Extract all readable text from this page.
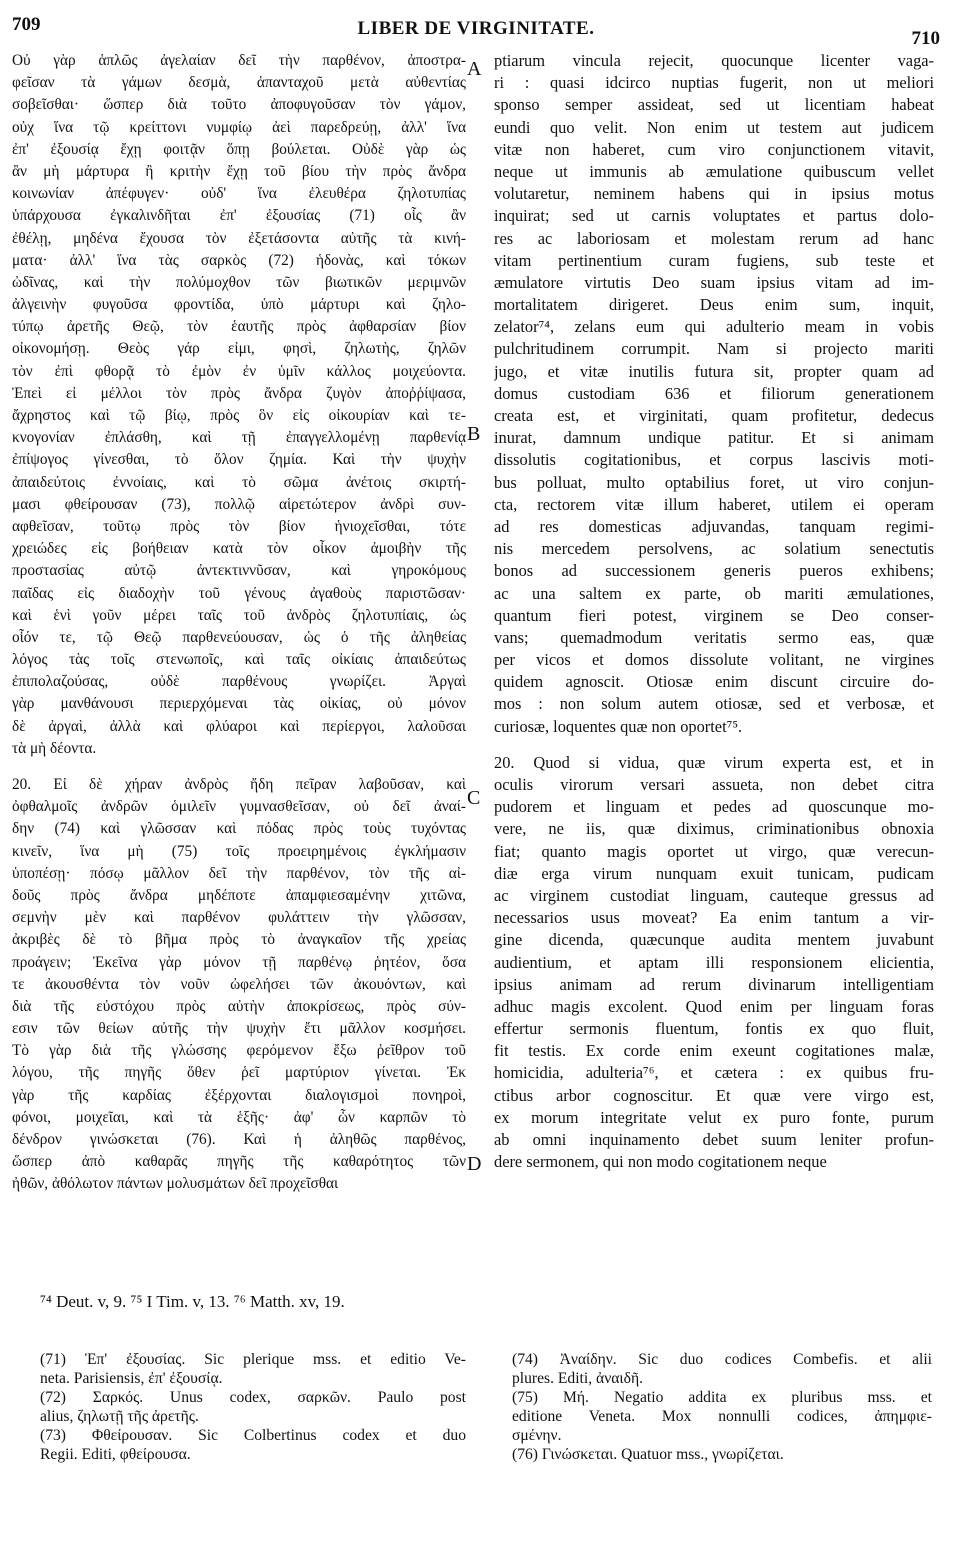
709	LIBER DE VIRGINITATE.	710
Οὐ γὰρ ἁπλῶς ἀγελαίαν δεῖ τὴν παρθένον, ἀποστρα-
φεῖσαν τὰ γάμων δεσμὰ, ἁπανταχοῦ μετὰ αὐθεντίας
σοβεῖσθαι· ὥσπερ διὰ τοῦτο ἀποφυγοῦσαν τὸν γάμον,
οὐχ ἵνα τῷ κρείττονι νυμφίῳ ἀεὶ παρεδρεύῃ, ἀλλ' ἵνα
ἐπ' ἐξουσίᾳ ἔχῃ φοιτᾷν ὅπῃ βούλεται. Οὐδὲ γὰρ ὡς
ἂν μὴ μάρτυρα ἢ κριτὴν ἔχῃ τοῦ βίου τὴν πρὸς ἄνδρα
κοινωνίαν ἀπέφυγεν· οὐδ' ἵνα ἐλευθέρα ζηλοτυπίας
ὑπάρχουσα ἐγκαλινδῆται ἐπ' ἐξουσίας (71) οἷς ἂν
ἐθέλῃ, μηδένα ἔχουσα τὸν ἐξετάσοντα αὐτῆς τὰ κινή-
ματα· ἀλλ' ἵνα τὰς σαρκὸς (72) ἡδονὰς, καὶ τόκων
ὠδῖνας, καὶ τὴν πολύμοχθον τῶν βιωτικῶν μεριμνῶν
ἀλγεινὴν φυγοῦσα φροντίδα, ὑπὸ μάρτυρι καὶ ζηλο-
τύπῳ ἀρετῆς Θεῷ, τὸν ἑαυτῆς πρὸς ἀφθαρσίαν βίον
οἰκονομήσῃ. Θεὸς γάρ εἰμι, φησὶ, ζηλωτὴς, ζηλῶν
τὸν ἐπὶ φθορᾷ τὸ ἐμὸν ἐν ὑμῖν κάλλος μοιχεύοντα.
Ἐπεὶ εἰ μέλλοι τὸν πρὸς ἄνδρα ζυγὸν ἀποῤῥίψασα,
ἄχρηστος καὶ τῷ βίῳ, πρὸς ὃν εἰς οἰκουρίαν καὶ τε-
κνογονίαν ἐπλάσθη, καὶ τῇ ἐπαγγελλομένῃ παρθενίᾳ
ἐπίψογος γίνεσθαι, τὸ ὅλον ζημία. Καὶ τὴν ψυχὴν
ἀπαιδεύτοις ἐννοίαις, καὶ τὸ σῶμα ἀνέτοις σκιρτή-
μασι φθείρουσαν (73), πολλῷ αἱρετώτερον ἀνδρὶ συν-
αφθεῖσαν, τοῦτῳ πρὸς τὸν βίον ἡνιοχεῖσθαι, τότε
χρειώδες εἰς βοήθειαν κατὰ τὸν οἶκον ἀμοιβὴν τῆς
προστασίας αὐτῷ ἀντεκτιννῦσαν, καὶ γηροκόμους
παῖδας εἰς διαδοχὴν τοῦ γένους ἀγαθοὺς παριστῶσαν·
καὶ ἑνὶ γοῦν μέρει ταῖς τοῦ ἀνδρὸς ζηλοτυπίαις, ὡς
οἷόν τε, τῷ Θεῷ παρθενεύουσαν, ὡς ὁ τῆς ἀληθείας
λόγος τὰς τοῖς στενωποῖς, καὶ ταῖς οἰκίαις ἀπαιδεύτως
ἐπιπολαζούσας, οὐδὲ παρθένους γνωρίζει. Ἀργαὶ
γὰρ μανθάνουσι περιερχόμεναι τὰς οἰκίας, οὐ μόνον
δὲ ἀργαὶ, ἀλλὰ καὶ φλύαροι καὶ περίεργοι, λαλοῦσαι
τὰ μὴ δέοντα.
20. Εἰ δὲ χήραν ἀνδρὸς ἤδη πεῖραν λαβοῦσαν, καὶ
ὀφθαλμοῖς ἀνδρῶν ὁμιλεῖν γυμνασθεῖσαν, οὐ δεῖ ἀναί-
δην (74) καὶ γλῶσσαν καὶ πόδας πρὸς τοὺς τυχόντας
κινεῖν, ἵνα μὴ (75) τοῖς προειρημένοις ἐγκλήμασιν
ὑποπέσῃ· πόσῳ μᾶλλον δεῖ τὴν παρθένον, τὸν τῆς αἰ-
δοῦς πρὸς ἄνδρα μηδέποτε ἀπαμφιεσαμένην χιτῶνα,
σεμνὴν μὲν καὶ παρθένον φυλάττειν τὴν γλῶσσαν,
ἀκριβὲς δὲ τὸ βῆμα πρὸς τὸ ἀναγκαῖον τῆς χρείας
προάγειν; Ἐκεῖνα γὰρ μόνον τῇ παρθένῳ ῥητέον, ὅσα
τε ἀκουσθέντα τὸν νοῦν ὠφελήσει τῶν ἀκουόντων, καὶ
διὰ τῆς εὐστόχου πρὸς αὐτὴν ἀποκρίσεως, πρὸς σύν-
εσιν τῶν θείων αὐτῆς τὴν ψυχὴν ἔτι μᾶλλον κοσμήσει.
Τὸ γὰρ διὰ τῆς γλώσσης φερόμενον ἔξω ῥεῖθρον τοῦ
λόγου, τῆς πηγῆς ὅθεν ῥεῖ μαρτύριον γίνεται. Ἐκ
γὰρ τῆς καρδίας ἐξέρχονται διαλογισμοὶ πονηροὶ,
φόνοι, μοιχεῖαι, καὶ τὰ ἑξῆς· ἀφ' ὧν καρπῶν τὸ
δένδρον γινώσκεται (76). Καὶ ἡ ἀληθῶς παρθένος,
ὥσπερ ἀπὸ καθαρᾶς πηγῆς τῆς καθαρότητος τῶν
ἠθῶν, ἀθόλωτον πάντων μολυσμάτων δεῖ προχεῖσθαι
ptiarum vincula rejecit, quocunque licenter vaga-
ri : quasi idcirco nuptias fugerit, non ut meliori
sponso semper assideat, sed ut licentiam habeat
eundi quo velit. Non enim ut testem aut judicem
vitæ non haberet, cum viro conjunctionem vitavit,
neque ut immunis ab æmulatione quibuscum vellet
volutaretur, neminem habens qui in ipsius motus
inquirat; sed ut carnis voluptates et partus dolo-
res ac laboriosam et molestam rerum ad hanc
vitam pertinentium curam fugiens, sub teste et
æmulatore virtutis Deo suam ipsius vitam ad im-
mortalitatem dirigeret. Deus enim sum, inquit,
zelator⁷⁴, zelans eum qui adulterio meam in vobis
pulchritudinem corrumpit. Nam si projecto mariti
jugo, et vitæ inutilis futura sit, propter quam ad
domus custodiam 636 et filiorum generationem
creata est, et virginitati, quam profitetur, dedecus
inurat, damnum undique patitur. Et si animam
dissolutis cogitationibus, et corpus lascivis moti-
bus polluat, multo optabilius foret, ut viro conjun-
cta, rectorem vitæ illum haberet, utilem ei operam
ad res domesticas adjuvandas, tanquam regimi-
nis mercedem persolvens, ac solatium senectutis
bonos ad successionem generis pueros exhibens;
ac una saltem ex parte, ob mariti æmulationes,
quantum fieri potest, virginem se Deo conser-
vans; quemadmodum veritatis sermo eas, quæ
per vicos et domos dissolute volitant, ne virgines
quidem agnoscit. Otiosæ enim discunt circuire do-
mos : non solum autem otiosæ, sed et verbosæ, et
curiosæ, loquentes quæ non oportet⁷⁵.
20. Quod si vidua, quæ virum experta est, et in
oculis virorum versari assueta, non debet citra
pudorem et linguam et pedes ad quoscunque mo-
vere, ne iis, quæ diximus, criminationibus obnoxia
fiat; quanto magis oportet ut virgo, quæ verecun-
diæ erga virum nunquam exuit tunicam, pudicam
ac virginem custodiat linguam, cauteque gressus ad
necessarios usus moveat? Ea enim tantum a vir-
gine dicenda, quæcunque audita mentem juvabunt
audientium, et aptam illi responsionem elicientia,
ipsius animam ad rerum divinarum intelligentiam
adhuc magis excolent. Quod enim per linguam foras
effertur sermonis fluentum, fontis ex quo fluit,
fit testis. Ex corde enim exeunt cogitationes malæ,
homicidia, adulteria⁷⁶, et cætera : ex quibus fru-
ctibus arbor cognoscitur. Et quæ vere virgo est,
ex morum integritate velut ex puro fonte, purum
ab omni inquinamento debet suum leniter profun-
dere sermonem, qui non modo cogitationem neque
A
B
C
D
⁷⁴ Deut. v, 9. ⁷⁵ I Tim. v, 13. ⁷⁶ Matth. xv, 19.
(71) Ἐπ' ἐξουσίας. Sic plerique mss. et editio Ve-
neta. Parisiensis, ἐπ' ἐξουσίᾳ.
(72) Σαρκός. Unus codex, σαρκῶν. Paulo post
alius, ζηλωτῇ τῆς ἀρετῆς.
(73) Φθείρουσαν. Sic Colbertinus codex et duo
Regii. Editi, φθείρουσα.
(74) Ἀναίδην. Sic duo codices Combefis. et alii
plures. Editi, ἀναιδῆ.
(75) Μή. Negatio addita ex pluribus mss. et
editione Veneta. Mox nonnulli codices, ἀπημφιε-
σμένην.
(76) Γινώσκεται. Quatuor mss., γνωρίζεται.
